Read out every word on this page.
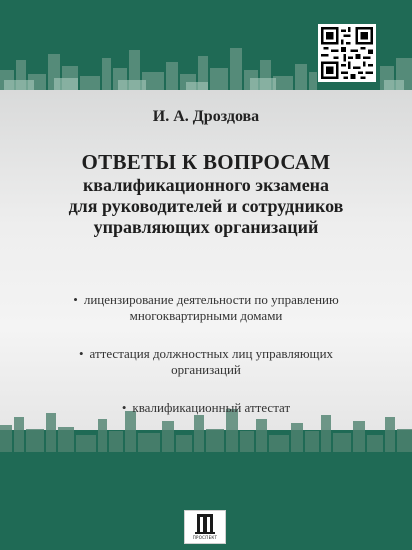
И. А. Дроздова
ОТВЕТЫ К ВОПРОСАМ
квалификационного экзамена
для руководителей и сотрудников
управляющих организаций
• лицензирование деятельности по управлению
многоквартирными домами
• аттестация должностных лиц управляющих
организаций
• квалификационный аттестат
ПРОСПЕКТ
